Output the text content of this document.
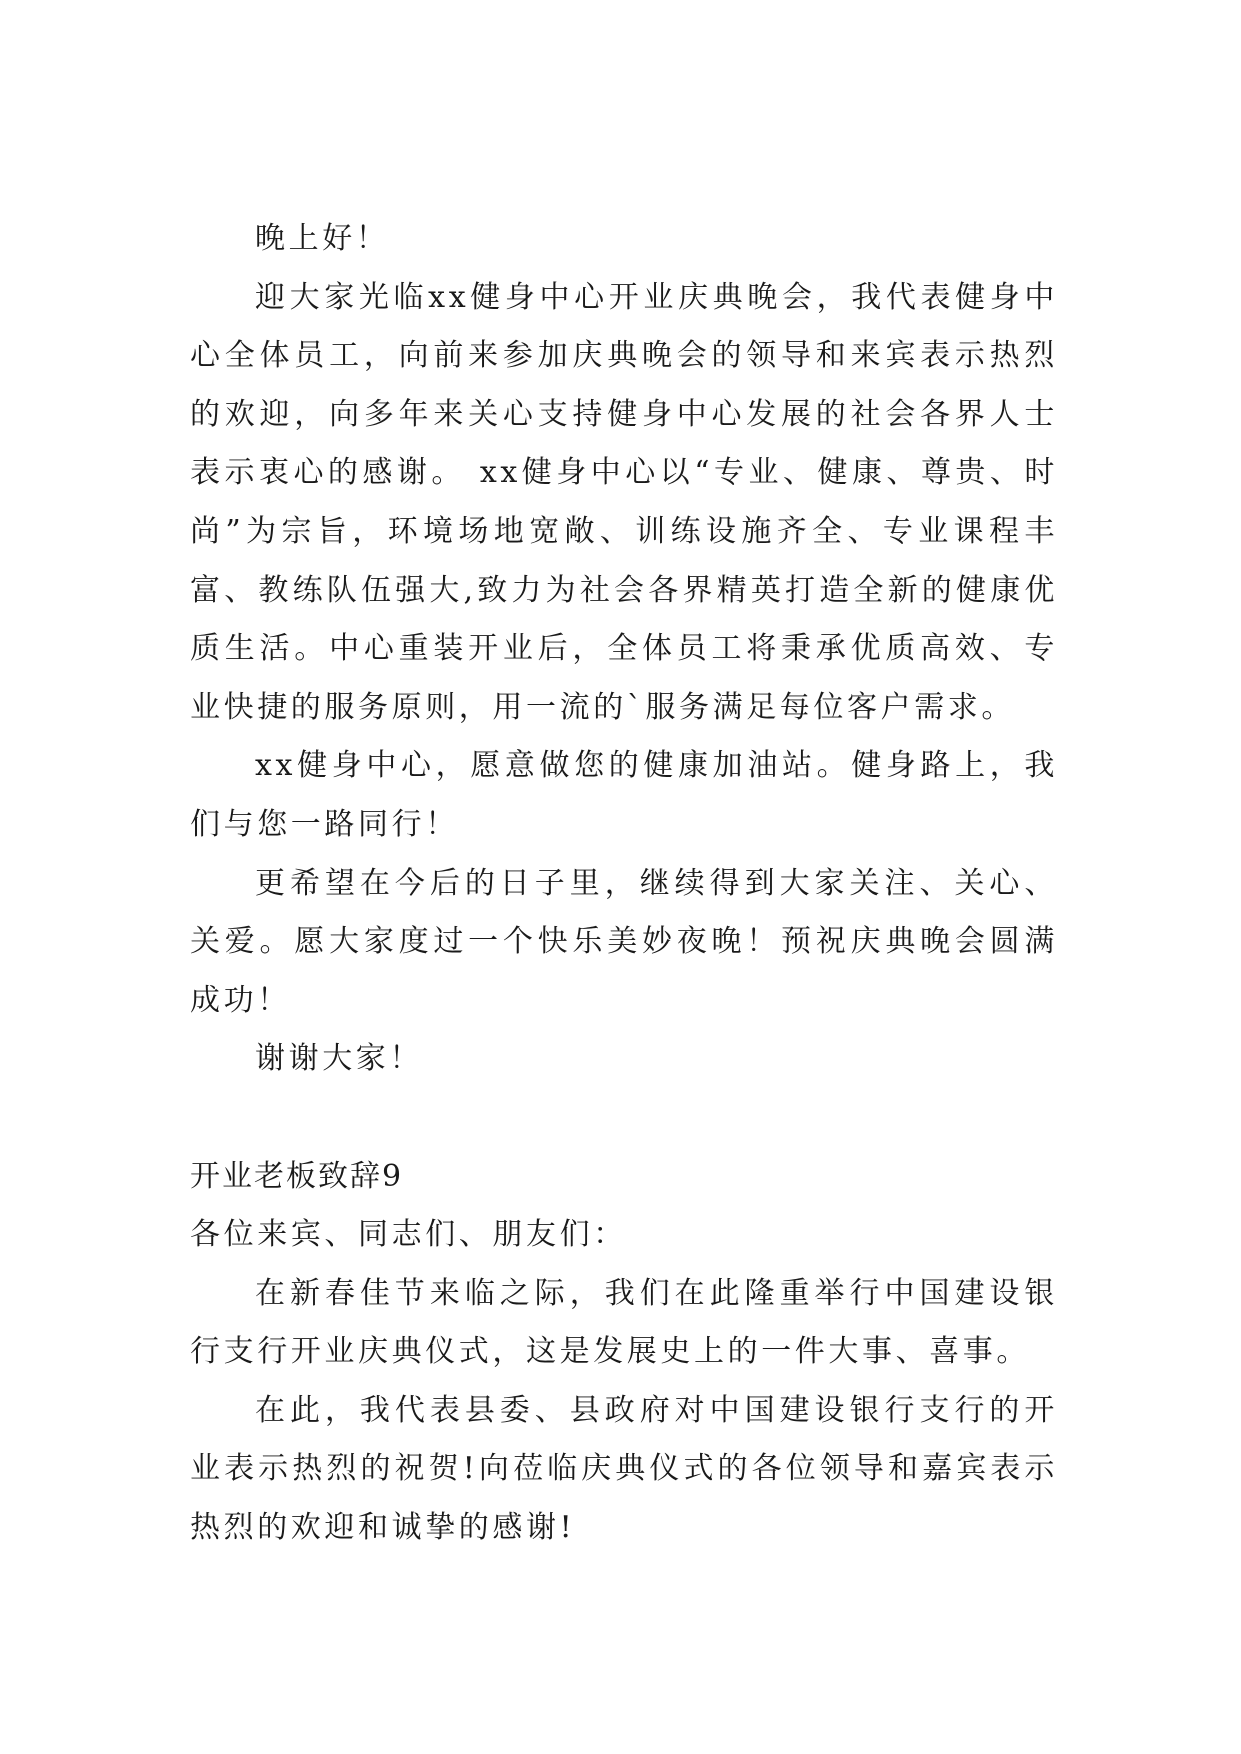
晚上好！

迎大家光临xx健身中心开业庆典晚会，我代表健身中心全体员工，向前来参加庆典晚会的领导和来宾表示热烈的欢迎，向多年来关心支持健身中心发展的社会各界人士表示衷心的感谢。 xx健身中心以“专业、健康、尊贵、时尚”为宗旨，环境场地宽敞、训练设施齐全、专业课程丰富、教练队伍强大,致力为社会各界精英打造全新的健康优质生活。中心重装开业后，全体员工将秉承优质高效、专业快捷的服务原则，用一流的`服务满足每位客户需求。

xx健身中心，愿意做您的健康加油站。健身路上，我们与您一路同行！

更希望在今后的日子里，继续得到大家关注、关心、关爱。愿大家度过一个快乐美妙夜晚！预祝庆典晚会圆满成功！

谢谢大家！

开业老板致辞9

各位来宾、同志们、朋友们：

在新春佳节来临之际，我们在此隆重举行中国建设银行支行开业庆典仪式，这是发展史上的一件大事、喜事。

在此，我代表县委、县政府对中国建设银行支行的开业表示热烈的祝贺!向莅临庆典仪式的各位领导和嘉宾表示热烈的欢迎和诚挚的感谢!
